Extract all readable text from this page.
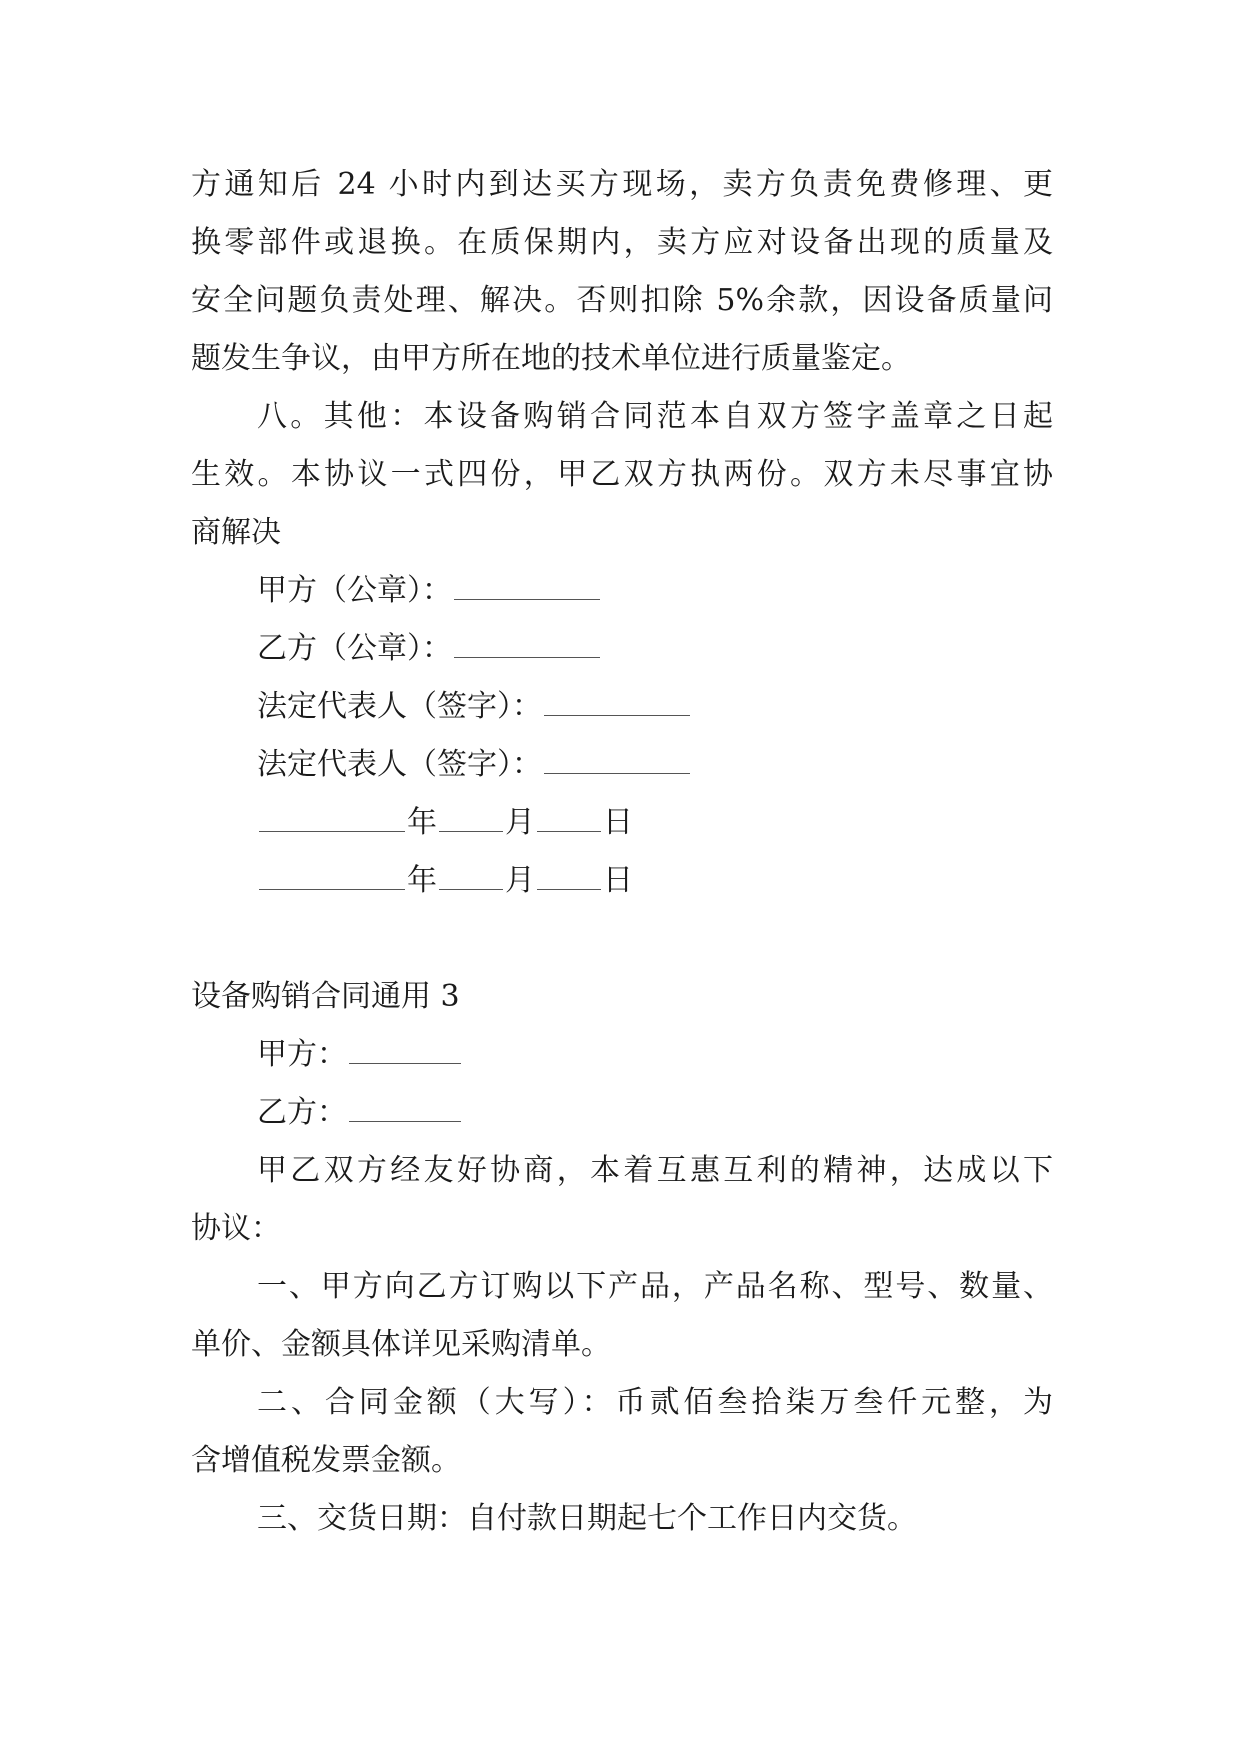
方通知后 24 小时内到达买方现场，卖方负责免费修理、更
换零部件或退换。在质保期内，卖方应对设备出现的质量及
安全问题负责处理、解决。否则扣除 5%余款，因设备质量问
题发生争议，由甲方所在地的技术单位进行质量鉴定。
八。其他：本设备购销合同范本自双方签字盖章之日起
生效。本协议一式四份，甲乙双方执两份。双方未尽事宜协
商解决
甲方（公章）：
乙方（公章）：
法定代表人（签字）：
法定代表人（签字）：
年 月 日
年 月 日
设备购销合同通用 3
甲方：
乙方：
甲乙双方经友好协商，本着互惠互利的精神，达成以下
协议：
一、甲方向乙方订购以下产品，产品名称、型号、数量、
单价、金额具体详见采购清单。
二、合同金额（大写）：币贰佰叁拾柒万叁仟元整，为
含增值税发票金额。
三、交货日期：自付款日期起七个工作日内交货。
